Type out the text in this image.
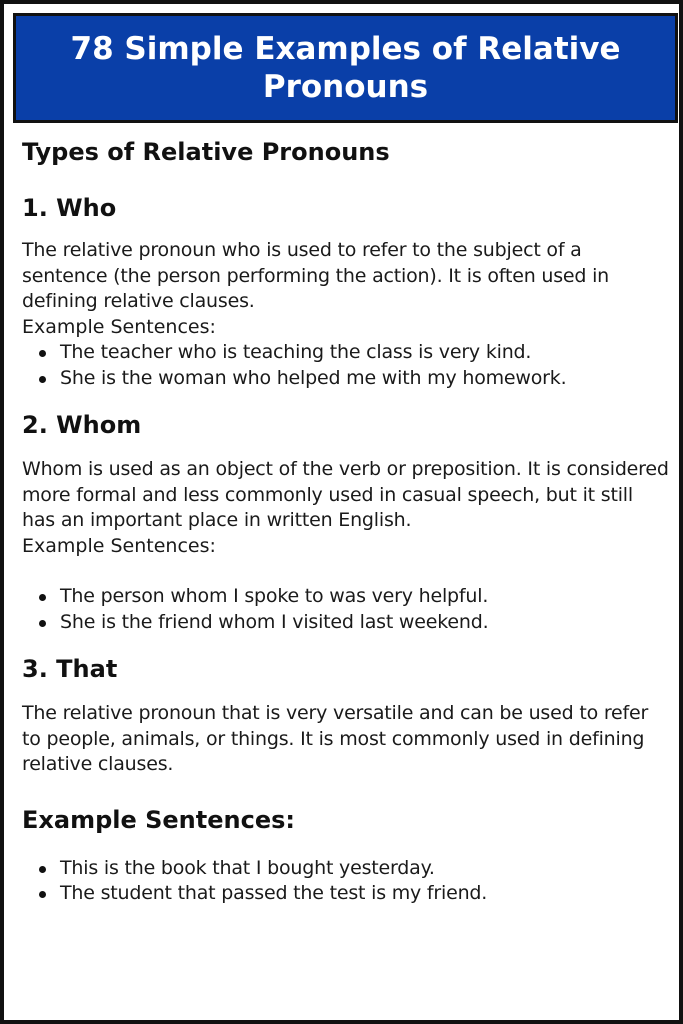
78 Simple Examples of Relative Pronouns
Types of Relative Pronouns
1. Who

The relative pronoun who is used to refer to the subject of a sentence (the person performing the action). It is often used in defining relative clauses.

Example Sentences:

The teacher who is teaching the class is very kind.
She is the woman who helped me with my homework.
2. Whom

Whom is used as an object of the verb or preposition. It is considered more formal and less commonly used in casual speech, but it still has an important place in written English.

Example Sentences:

The person whom I spoke to was very helpful.
She is the friend whom I visited last weekend.
3. That

The relative pronoun that is very versatile and can be used to refer to people, animals, or things. It is most commonly used in defining relative clauses.

Example Sentences:
This is the book that I bought yesterday.
The student that passed the test is my friend.
